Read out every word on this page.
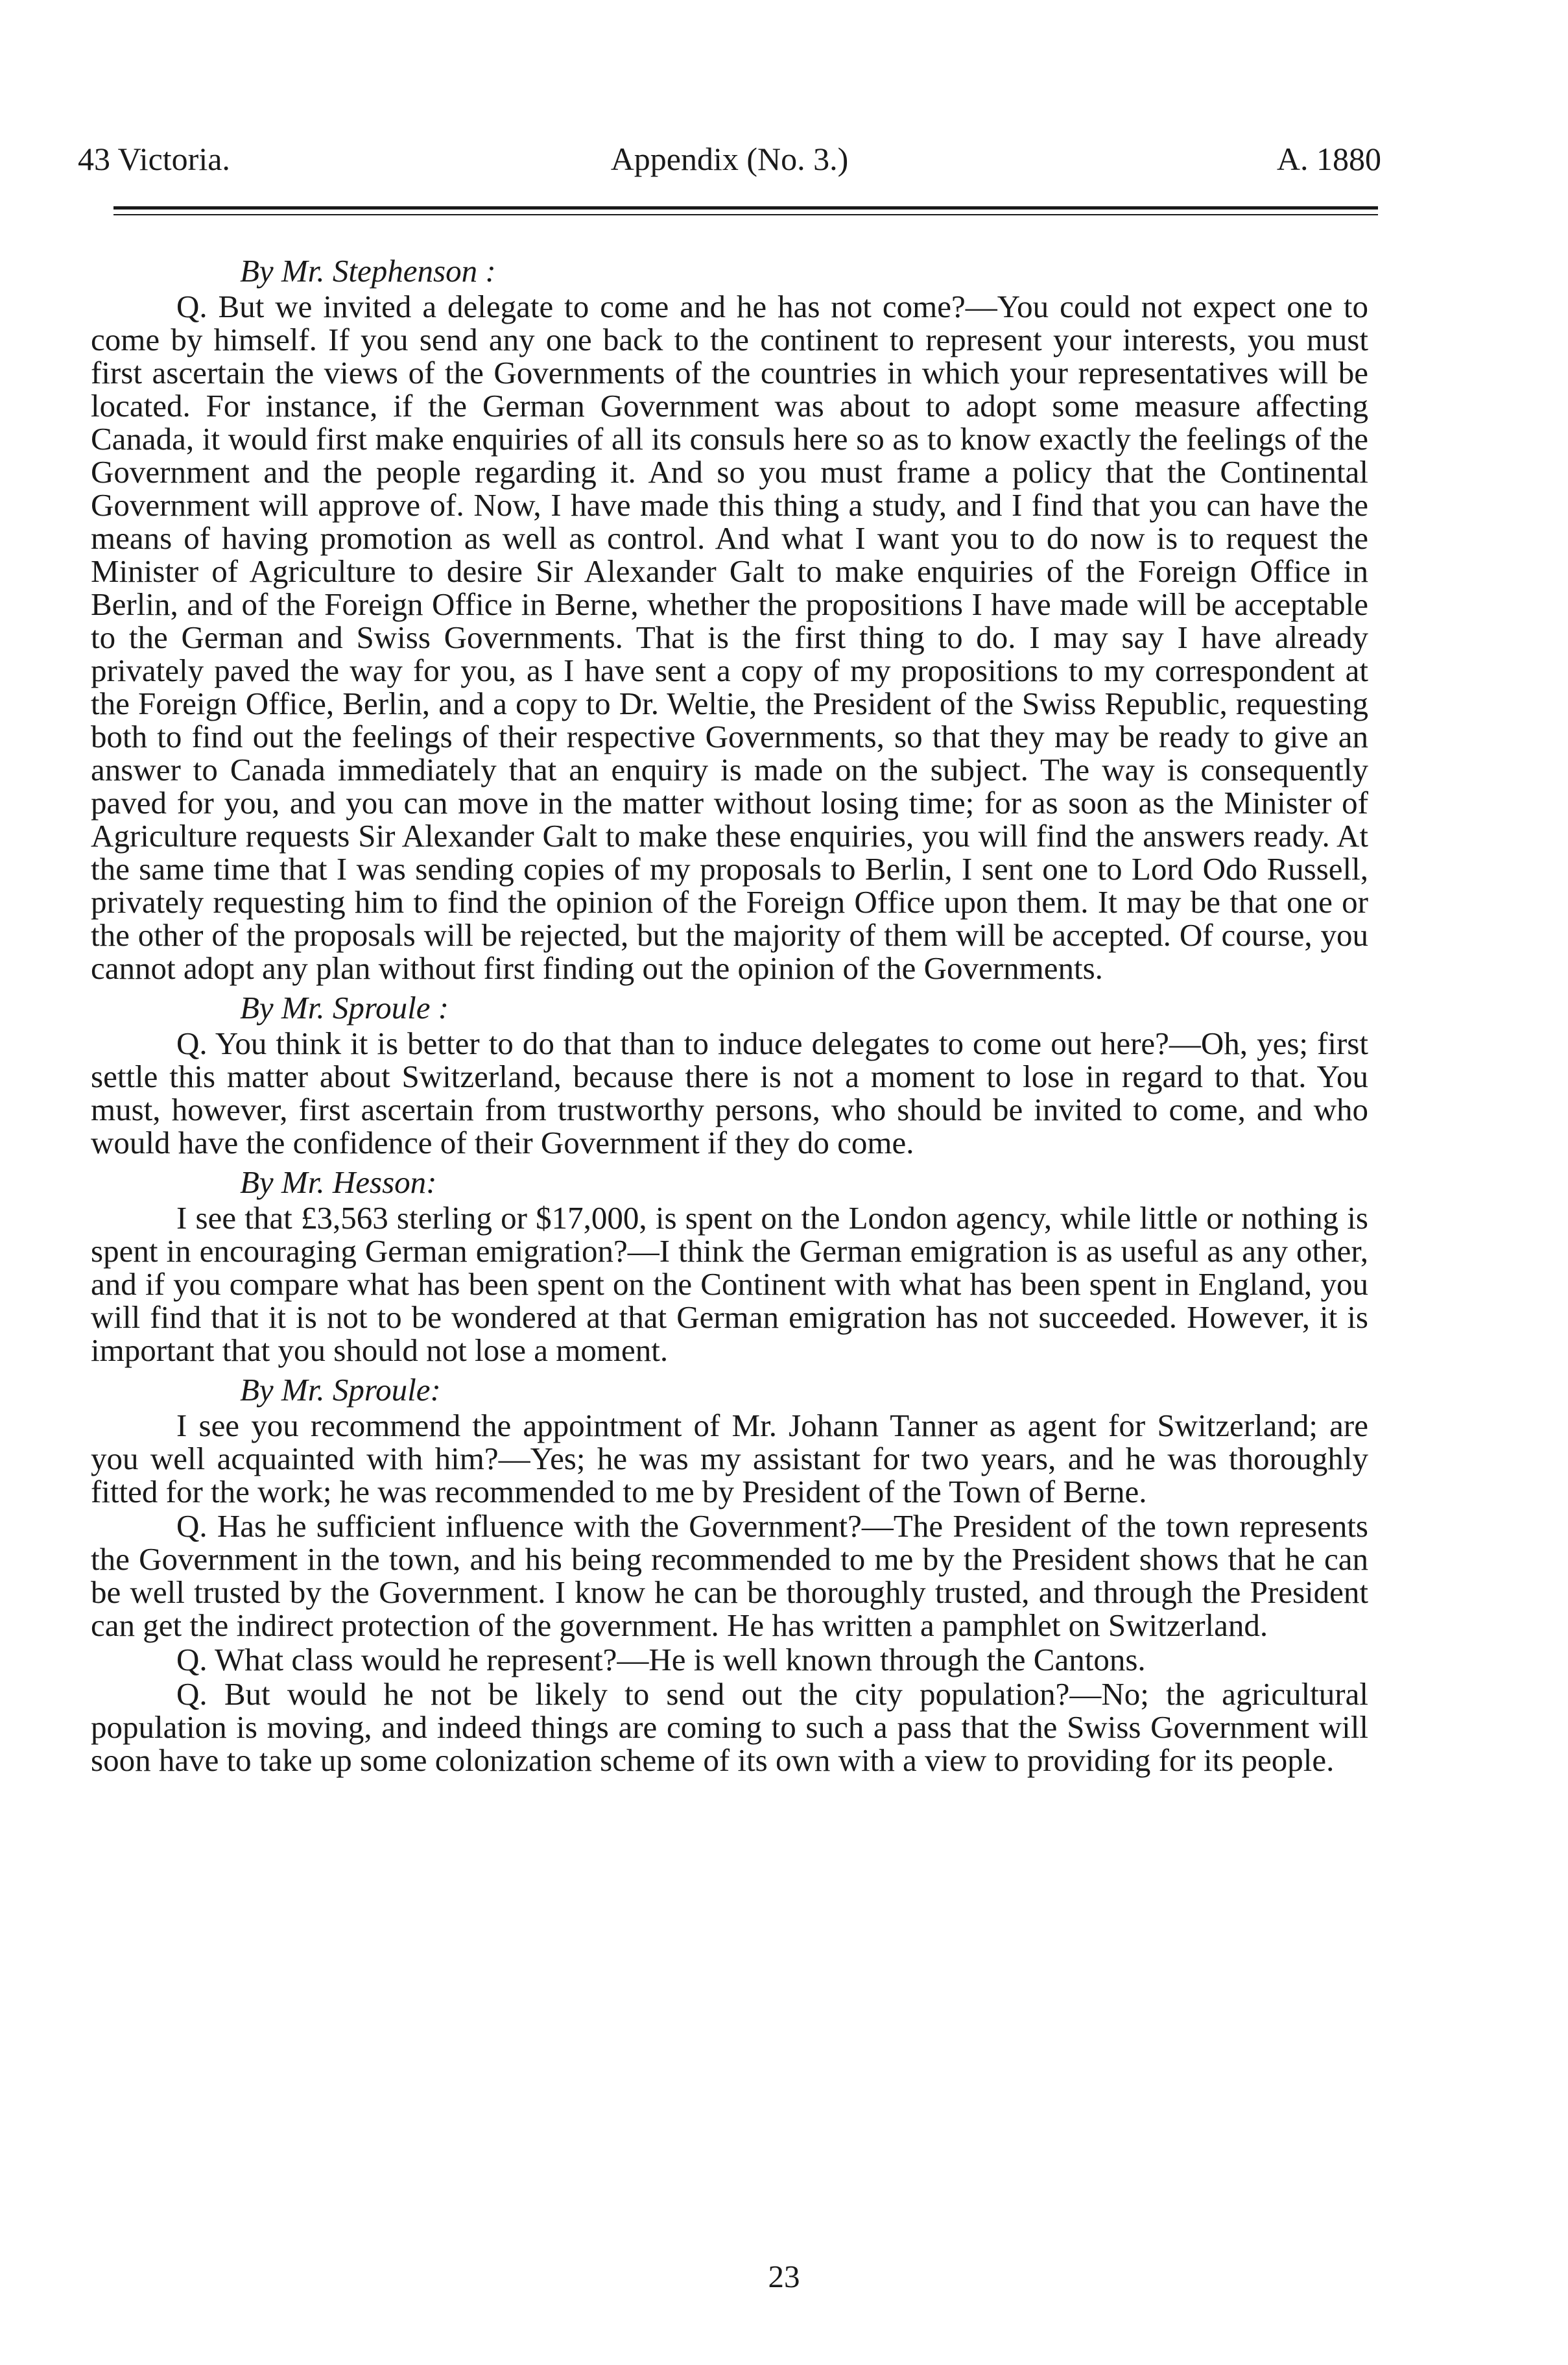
Appendix (No. 3.)
43 Victoria.	A. 1880
By Mr. Stephenson :

Q. But we invited a delegate to come and he has not come?—You could not expect one to come by himself. If you send any one back to the continent to represent your interests, you must first ascertain the views of the Governments of the countries in which your representatives will be located. For instance, if the German Government was about to adopt some measure affecting Canada, it would first make enquiries of all its consuls here so as to know exactly the feelings of the Government and the people regarding it. And so you must frame a policy that the Continental Government will approve of. Now, I have made this thing a study, and I find that you can have the means of having promotion as well as control. And what I want you to do now is to request the Minister of Agriculture to desire Sir Alexander Galt to make enquiries of the Foreign Office in Berlin, and of the Foreign Office in Berne, whether the propositions I have made will be acceptable to the German and Swiss Governments. That is the first thing to do. I may say I have already privately paved the way for you, as I have sent a copy of my propositions to my correspondent at the Foreign Office, Berlin, and a copy to Dr. Weltie, the President of the Swiss Republic, requesting both to find out the feelings of their respective Governments, so that they may be ready to give an answer to Canada immediately that an enquiry is made on the subject. The way is consequently paved for you, and you can move in the matter without losing time; for as soon as the Minister of Agriculture requests Sir Alexander Galt to make these enquiries, you will find the answers ready. At the same time that I was sending copies of my proposals to Berlin, I sent one to Lord Odo Russell, privately requesting him to find the opinion of the Foreign Office upon them. It may be that one or the other of the proposals will be rejected, but the majority of them will be accepted. Of course, you cannot adopt any plan without first finding out the opinion of the Governments.

By Mr. Sproule :

Q. You think it is better to do that than to induce delegates to come out here?—Oh, yes; first settle this matter about Switzerland, because there is not a moment to lose in regard to that. You must, however, first ascertain from trustworthy persons, who should be invited to come, and who would have the confidence of their Government if they do come.

By Mr. Hesson:

I see that £3,563 sterling or $17,000, is spent on the London agency, while little or nothing is spent in encouraging German emigration?—I think the German emigration is as useful as any other, and if you compare what has been spent on the Continent with what has been spent in England, you will find that it is not to be wondered at that German emigration has not succeeded. However, it is important that you should not lose a moment.

By Mr. Sproule:

I see you recommend the appointment of Mr. Johann Tanner as agent for Switzerland; are you well acquainted with him?—Yes; he was my assistant for two years, and he was thoroughly fitted for the work; he was recommended to me by President of the Town of Berne.

Q. Has he sufficient influence with the Government?—The President of the town represents the Government in the town, and his being recommended to me by the President shows that he can be well trusted by the Government. I know he can be thoroughly trusted, and through the President can get the indirect protection of the government. He has written a pamphlet on Switzerland.

Q. What class would he represent?—He is well known through the Cantons.

Q. But would he not be likely to send out the city population?—No; the agricultural population is moving, and indeed things are coming to such a pass that the Swiss Government will soon have to take up some colonization scheme of its own with a view to providing for its people.

23
